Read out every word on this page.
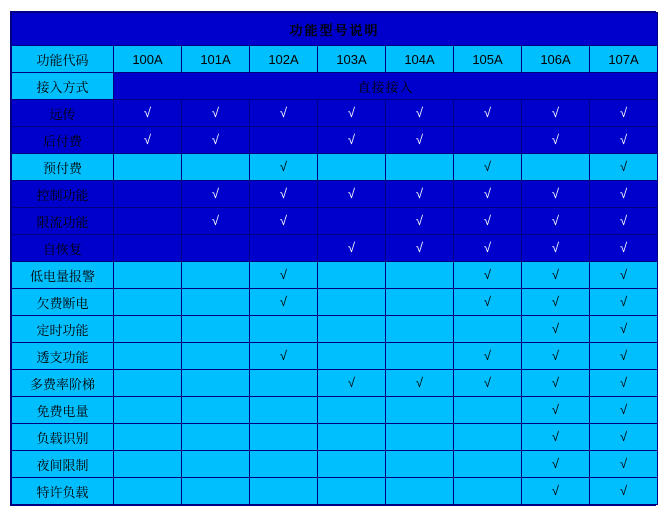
功能型号说明								
功能代码	100A	101A	102A	103A	104A	105A	106A	107A
接入方式	直接接入							
远传	√	√	√	√	√	√	√	√
后付费	√	√		√	√		√	√
预付费			√			√		√
控制功能		√	√	√	√	√	√	√
限流功能		√	√		√	√	√	√
自恢复				√	√	√	√	√
低电量报警			√			√	√	√
欠费断电			√			√	√	√
定时功能							√	√
透支功能			√			√	√	√
多费率阶梯				√	√	√	√	√
免费电量							√	√
负载识别							√	√
夜间限制							√	√
特许负载							√	√
